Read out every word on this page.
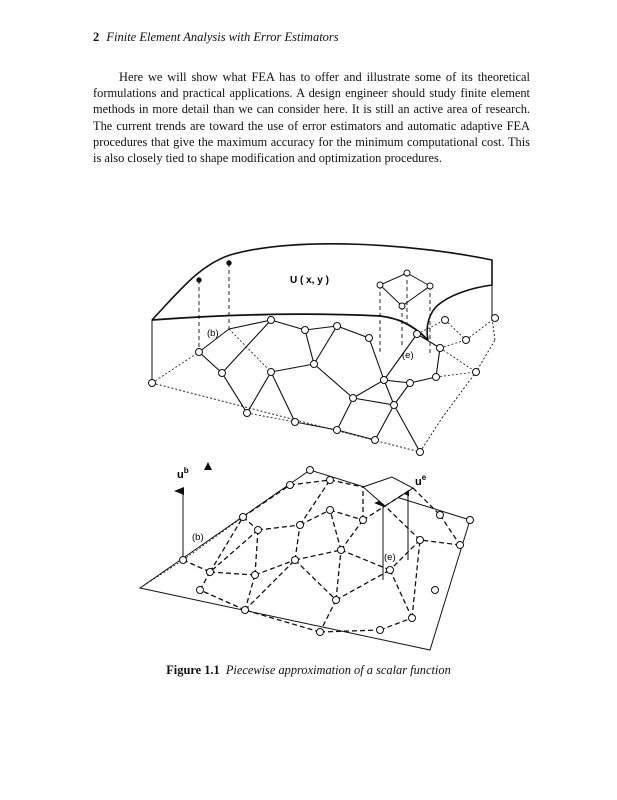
2 Finite Element Analysis with Error Estimators

Here we will show what FEA has to offer and illustrate some of its theoretical formulations and practical applications. A design engineer should study finite element methods in more detail than we can consider here. It is still an active area of research. The current trends are toward the use of error estimators and automatic adaptive FEA procedures that give the maximum accuracy for the minimum computational cost. This is also closely tied to shape modification and optimization procedures.

U ( x, y )
(b)
(e)
$u^b$
$u^e$
(b)
(e)
Figure 1.1 Piecewise approximation of a scalar function
